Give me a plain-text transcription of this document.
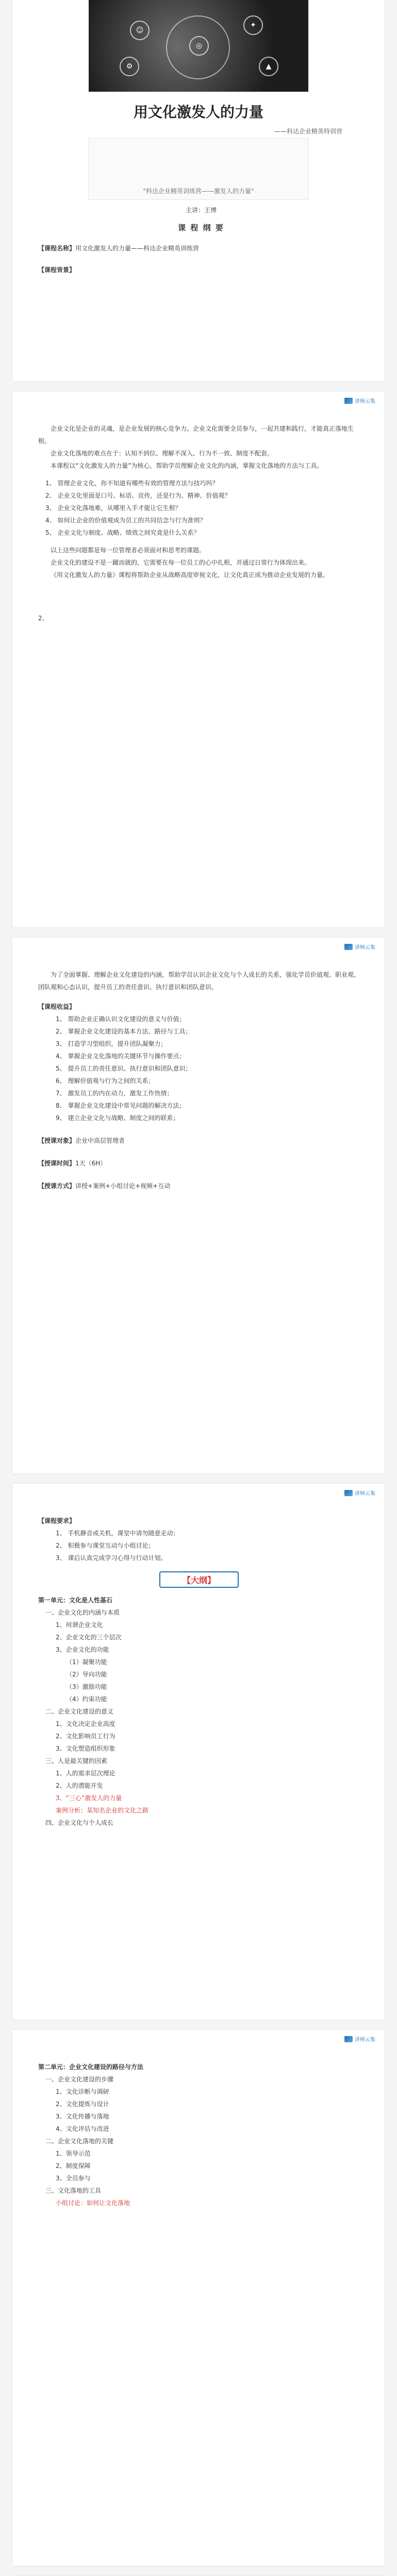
☺
✦
⚙	▲
◎
用文化激发人的力量
——科达企业精英特训营
"科达企业精英训练营——激发人的力量"

主讲：王博

课 程 纲 要

【课程名称】用文化激发人的力量——科达企业精英训练营

【课程背景】

讲师云集

企业文化是企业的灵魂，是企业发展的核心竞争力。企业文化需要全员参与，一起共建和践行，才能真正落地生根。

企业文化落地的难点在于：认知不到位、理解不深入、行为不一致、制度不配套。

本课程以“文化激发人的力量”为核心，帮助学员理解企业文化的内涵，掌握文化落地的方法与工具。

1、 管理企业文化，你不知道有哪些有效的管理方法与技巧吗？

2、 企业文化里面是口号、标语、宣传，还是行为、精神、价值观？

3、 企业文化落地难，从哪里入手才能让它生根？

4、 如何让企业的价值观成为员工的共同信念与行为准则？

5、 企业文化与制度、战略、绩效之间究竟是什么关系？

以上这些问题都是每一位管理者必须面对和思考的课题。

企业文化的建设不是一蹴而就的，它需要在每一位员工的心中扎根，并通过日常行为体现出来。

《用文化激发人的力量》课程将帮助企业从战略高度审视文化，让文化真正成为推动企业发展的力量。

2、

讲师云集

为了全面掌握、理解企业文化建设的内涵，帮助学员认识企业文化与个人成长的关系，强化学员价值观、职业观、团队观和心态认识，提升员工的责任意识、执行意识和团队意识。

【课程收益】

1、 帮助企业正确认识文化建设的意义与价值；

2、 掌握企业文化建设的基本方法、路径与工具；

3、 打造学习型组织，提升团队凝聚力；

4、 掌握企业文化落地的关键环节与操作要点；

5、 提升员工的责任意识、执行意识和团队意识；

6、 理解价值观与行为之间的关系；

7、 激发员工的内在动力，激发工作热情；

8、 掌握企业文化建设中常见问题的解决方法；

9、 建立企业文化与战略、制度之间的联系；

【授课对象】企业中高层管理者

【授课时间】1天（6H）

【授课方式】讲授+案例+小组讨论+视频+互动

讲师云集

【课程要求】

1、 手机静音或关机，课堂中请勿随意走动；

2、 积极参与课堂互动与小组讨论；

3、 课后认真完成学习心得与行动计划。

【大纲】

第一单元：文化是人性基石

一、企业文化的内涵与本质

1、何谓企业文化

2、企业文化的三个层次

3、企业文化的功能

（1）凝聚功能

（2）导向功能

（3）激励功能

（4）约束功能

二、企业文化建设的意义

1、文化决定企业高度

2、文化影响员工行为

3、文化塑造组织形象

三、人是最关键的因素

1、人的需求层次理论

2、人的潜能开发

3、“三心”激发人的力量

案例分析：某知名企业的文化之路

四、企业文化与个人成长

讲师云集

第二单元：企业文化建设的路径与方法

一、企业文化建设的步骤

1、文化诊断与调研

2、文化提炼与设计

3、文化传播与落地

4、文化评估与改进

二、企业文化落地的关键

1、领导示范

2、制度保障

3、全员参与

三、文化落地的工具

小组讨论：如何让文化落地
